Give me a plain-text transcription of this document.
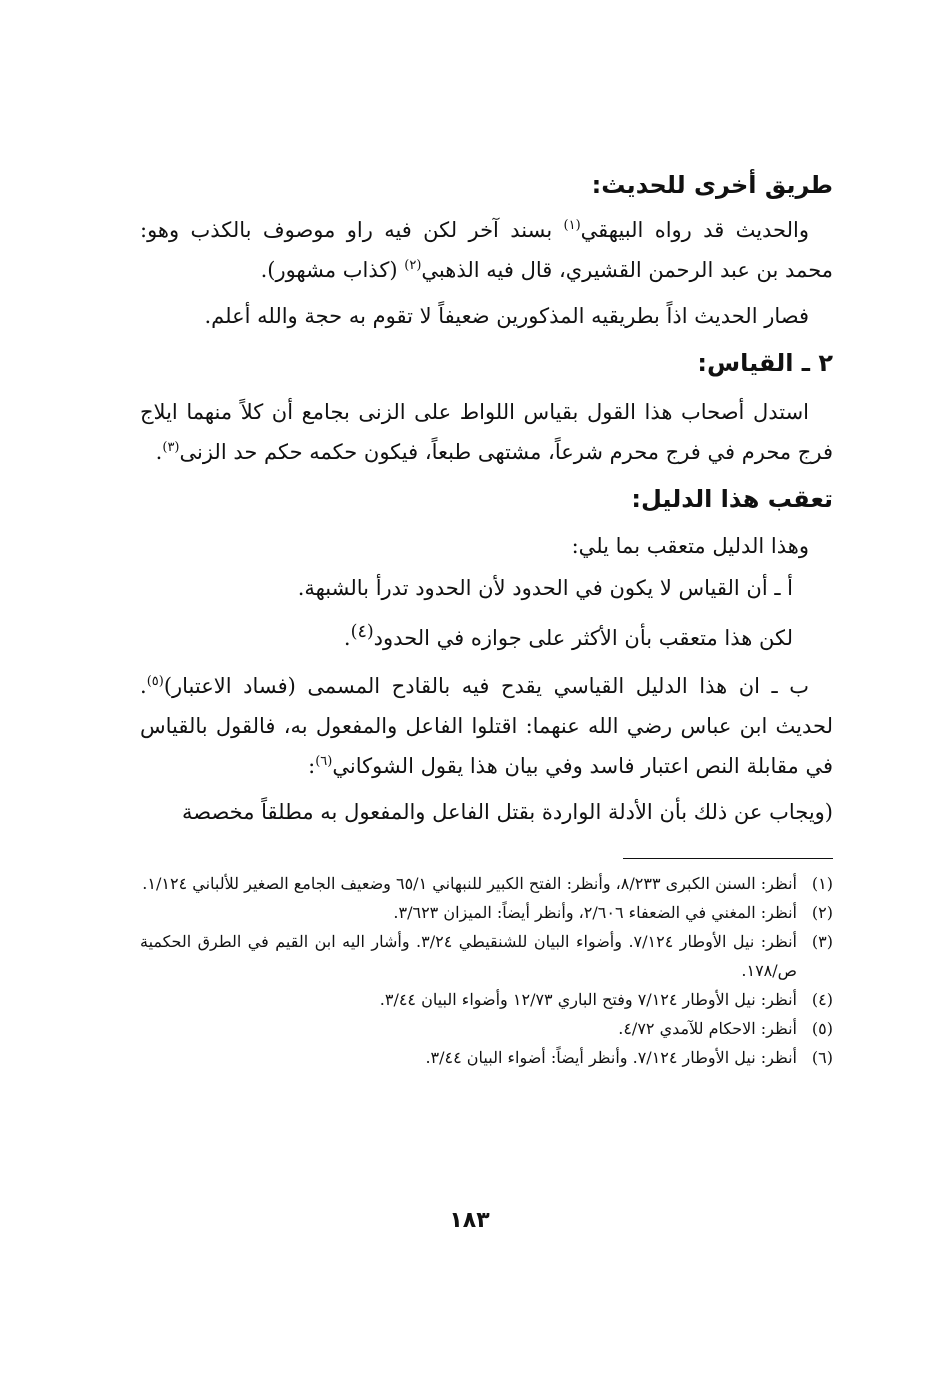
طريق أخرى للحديث:

والحديث قد رواه البيهقي$^{(١)}$ بسند آخر لكن فيه راو موصوف بالكذب وهو: محمد بن عبد الرحمن القشيري، قال فيه الذهبي$^{(٢)}$ (كذاب مشهور).

فصار الحديث اذاً بطريقيه المذكورين ضعيفاً لا تقوم به حجة والله أعلم.

٢ ـ القياس:

استدل أصحاب هذا القول بقياس اللواط على الزنى بجامع أن كلاً منهما ايلاج فرج محرم في فرج محرم شرعاً، مشتهى طبعاً، فيكون حكمه حكم حد الزنى$^{(٣)}$.

تعقب هذا الدليل:

وهذا الدليل متعقب بما يلي:

أ ـ أن القياس لا يكون في الحدود لأن الحدود تدرأ بالشبهة.

لكن هذا متعقب بأن الأكثر على جوازه في الحدود$^{(٤)}$.

ب ـ ان هذا الدليل القياسي يقدح فيه بالقادح المسمى (فساد الاعتبار)$^{(٥)}$. لحديث ابن عباس رضي الله عنهما: اقتلوا الفاعل والمفعول به، فالقول بالقياس في مقابلة النص اعتبار فاسد وفي بيان هذا يقول الشوكاني$^{(٦)}$:

(ويجاب عن ذلك بأن الأدلة الواردة بقتل الفاعل والمفعول به مطلقاً مخصصة

(١)
أنظر: السنن الكبرى ٨/٢٣٣، وأنظر: الفتح الكبير للنبهاني ٦٥/١ وضعيف الجامع الصغير للألباني ١/١٢٤.
(٢)
أنظر: المغني في الضعفاء ٢/٦٠٦، وأنظر أيضاً: الميزان ٣/٦٢٣.
(٣)
أنظر: نيل الأوطار ٧/١٢٤. وأضواء البيان للشنقيطي ٣/٢٤. وأشار اليه ابن القيم في الطرق الحكمية ص/١٧٨.
(٤)
أنظر: نيل الأوطار ٧/١٢٤ وفتح الباري ١٢/٧٣ وأضواء البيان ٣/٤٤.
(٥)
أنظر: الاحكام للآمدي ٤/٧٢.
(٦)
أنظر: نيل الأوطار ٧/١٢٤. وأنظر أيضاً: أضواء البيان ٣/٤٤.
١٨٣
